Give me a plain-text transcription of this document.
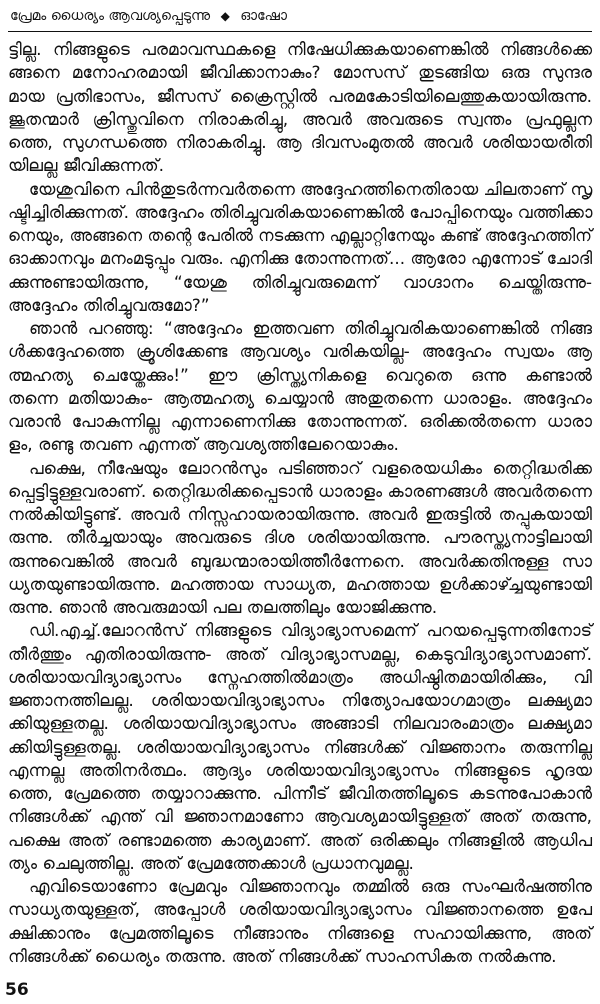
പ്രേമം ധൈര്യം ആവശ്യപ്പെടുന്നു ◆ ഓഷോ
ട്ടില്ല. നിങ്ങളുടെ പരമാവസ്ഥകളെ നിഷേധിക്കുകയാണെങ്കിൽ നിങ്ങൾക്കെ
ങ്ങനെ മനോഹരമായി ജീവിക്കാനാകും? മോസസ് തുടങ്ങിയ ഒരു സുന്ദര
മായ പ്രതിഭാസം, ജീസസ് ക്രൈസ്റ്റിൽ പരമകോടിയിലെത്തുകയായിരുന്നു.
ജൂതന്മാർ ക്രിസ്തുവിനെ നിരാകരിച്ചു, അവർ അവരുടെ സ്വന്തം പ്രഫുല്ലന
ത്തെ, സുഗന്ധത്തെ നിരാകരിച്ചു. ആ ദിവസംമുതൽ അവർ ശരിയായരീതി
യിലല്ല ജീവിക്കുന്നത്.
യേശുവിനെ പിൻതുടർന്നവർതന്നെ അദ്ദേഹത്തിനെതിരായ ചിലതാണ് സൃ
ഷ്ടിച്ചിരിക്കുന്നത്. അദ്ദേഹം തിരിച്ചുവരികയാണെങ്കിൽ പോപ്പിനെയും വത്തിക്കാ
നെയും, അങ്ങനെ തന്റെ പേരിൽ നടക്കുന്ന എല്ലാറ്റിനേയും കണ്ട് അദ്ദേഹത്തിന്
ഓക്കാനവും മനംമടുപ്പും വരും. എനിക്കു തോന്നുന്നത്... ആരോ എന്നോട് ചോദി
ക്കുന്നുണ്ടായിരുന്നു, “യേശു തിരിച്ചുവരുമെന്ന് വാഗ്ദാനം ചെയ്തിരുന്നു-
അദ്ദേഹം തിരിച്ചുവരുമോ?”
ഞാൻ പറഞ്ഞു: “അദ്ദേഹം ഇത്തവണ തിരിച്ചുവരികയാണെങ്കിൽ നിങ്ങ
ൾക്കദ്ദേഹത്തെ ക്രൂശിക്കേണ്ട ആവശ്യം വരികയില്ല- അദ്ദേഹം സ്വയം ആ
ത്മഹത്യ ചെയ്തേക്കും!” ഈ ക്രിസ്ത്യനികളെ വെറുതെ ഒന്നു കണ്ടാൽ
തന്നെ മതിയാകും- ആത്മഹത്യ ചെയ്യാൻ അതുതന്നെ ധാരാളം. അദ്ദേഹം
വരാൻ പോകുന്നില്ല എന്നാണെനിക്കു തോന്നുന്നത്. ഒരിക്കൽതന്നെ ധാരാ
ളം, രണ്ടു തവണ എന്നത് ആവശ്യത്തിലേറെയാകും.
പക്ഷെ, നീഷേയും ലോറൻസും പടിഞ്ഞാറ് വളരെയധികം തെറ്റിദ്ധരിക്ക
പ്പെട്ടിട്ടുള്ളവരാണ്. തെറ്റിദ്ധരിക്കപ്പെടാൻ ധാരാളം കാരണങ്ങൾ അവർതന്നെ
നൽകിയിട്ടുണ്ട്. അവർ നിസ്സഹായരായിരുന്നു. അവർ ഇരുട്ടിൽ തപ്പുകയായി
രുന്നു. തീർച്ചയായും അവരുടെ ദിശ ശരിയായിരുന്നു. പൗരസ്ത്യനാട്ടിലായി
രുന്നുവെങ്കിൽ അവർ ബുദ്ധന്മാരായിത്തീർന്നേനെ. അവർക്കതിനുള്ള സാ
ധ്യതയുണ്ടായിരുന്നു. മഹത്തായ സാധ്യത, മഹത്തായ ഉൾക്കാഴ്ച്ചയുണ്ടായി
രുന്നു. ഞാൻ അവരുമായി പല തലത്തിലും യോജിക്കുന്നു.
ഡി.എച്ച്.ലോറൻസ് നിങ്ങളുടെ വിദ്യാഭ്യാസമെന്ന് പറയപ്പെടുന്നതിനോട്
തീർത്തും എതിരായിരുന്നു- അത് വിദ്യാഭ്യാസമല്ല, കെടുവിദ്യാഭ്യാസമാണ്.
ശരിയായവിദ്യാഭ്യാസം സ്നേഹത്തിൽമാത്രം അധിഷ്ഠിതമായിരിക്കും, വി
ജ്ഞാനത്തിലല്ല. ശരിയായവിദ്യാഭ്യാസം നിത്യോപയോഗമാത്രം ലക്ഷ്യമാ
ക്കിയുള്ളതല്ല. ശരിയായവിദ്യാഭ്യാസം അങ്ങാടി നിലവാരംമാത്രം ലക്ഷ്യമാ
ക്കിയിട്ടുള്ളതല്ല. ശരിയായവിദ്യാഭ്യാസം നിങ്ങൾക്ക് വിജ്ഞാനം തരുന്നില്ല
എന്നല്ല അതിനർത്ഥം. ആദ്യം ശരിയായവിദ്യാഭ്യാസം നിങ്ങളുടെ ഹൃദയ
ത്തെ, പ്രേമത്തെ തയ്യാറാക്കുന്നു. പിന്നീട് ജീവിതത്തിലൂടെ കടന്നുപോകാൻ
നിങ്ങൾക്ക് എന്ത് വി ജ്ഞാനമാണോ ആവശ്യമായിട്ടുള്ളത് അത് തരുന്നു,
പക്ഷെ അത് രണ്ടാമത്തെ കാര്യമാണ്. അത് ഒരിക്കലും നിങ്ങളിൽ ആധിപ
ത്യം ചെലുത്തില്ല. അത് പ്രേമത്തേക്കാൾ പ്രധാനവുമല്ല.
എവിടെയാണോ പ്രേമവും വിജ്ഞാനവും തമ്മിൽ ഒരു സംഘർഷത്തിനു
സാധ്യതയുള്ളത്, അപ്പോൾ ശരിയായവിദ്യാഭ്യാസം വിജ്ഞാനത്തെ ഉപേ
ക്ഷിക്കാനും പ്രേമത്തിലൂടെ നീങ്ങാനും നിങ്ങളെ സഹായിക്കുന്നു, അത്
നിങ്ങൾക്ക് ധൈര്യം തരുന്നു. അത് നിങ്ങൾക്ക് സാഹസികത നൽകുന്നു.
56
